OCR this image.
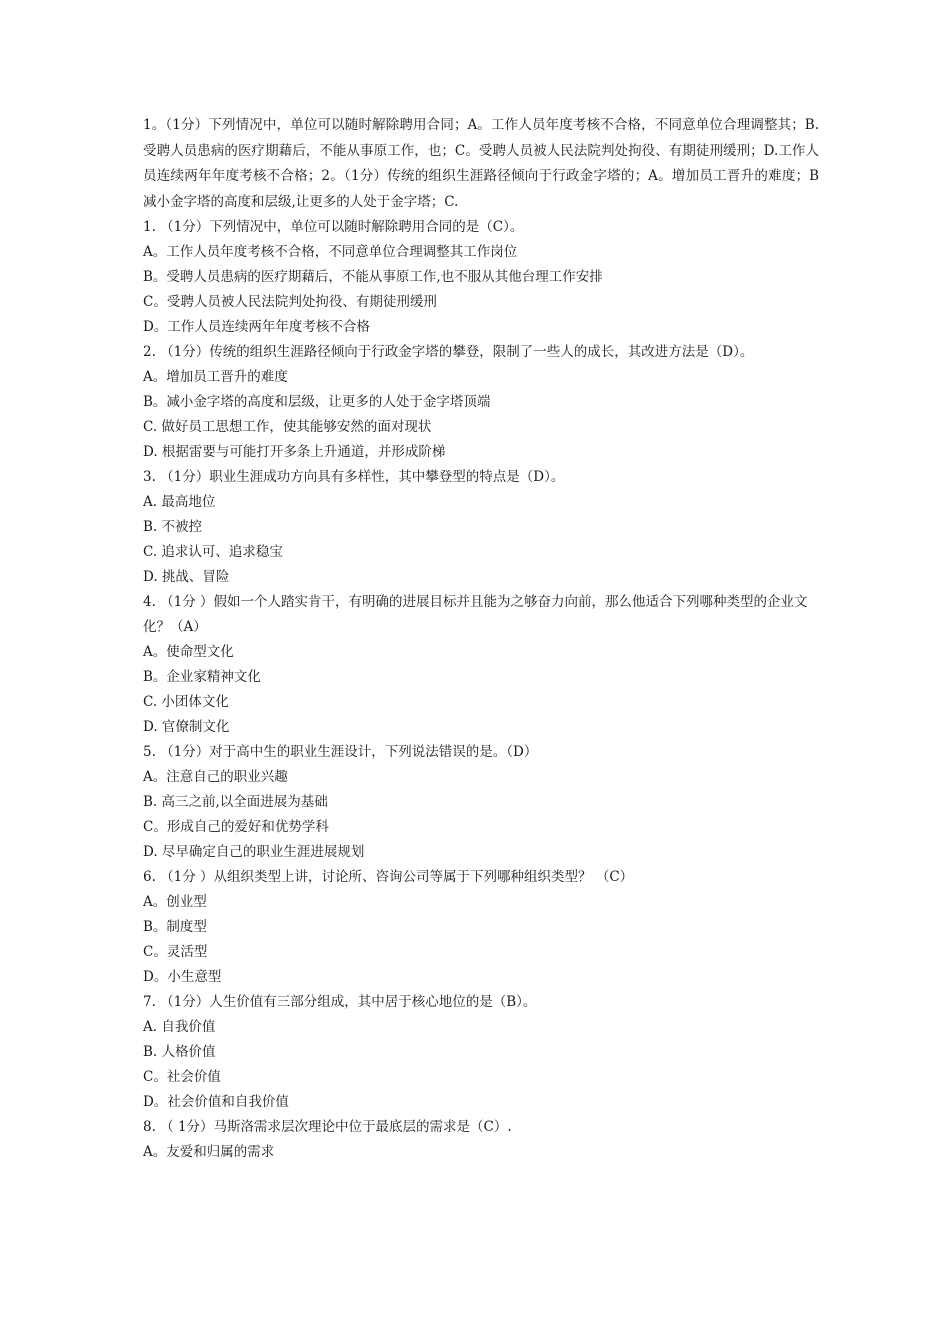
1。（1分）下列情况中，单位可以随时解除聘用合同；A。工作人员年度考核不合格，不同意单位合理调整其；B.受聘人员患病的医疗期藉后，不能从事原工作，也；C。受聘人员被人民法院判处拘役、有期徒刑缓刑；D.工作人员连续两年年度考核不合格；2。（1分）传统的组织生涯路径倾向于行政金字塔的；A。增加员工晋升的难度；B减小金字塔的高度和层级,让更多的人处于金字塔；C.

1. （1分）下列情况中，单位可以随时解除聘用合同的是（C）。

A。工作人员年度考核不合格，不同意单位合理调整其工作岗位

B。受聘人员患病的医疗期藉后，不能从事原工作,也不服从其他台理工作安排

C。受聘人员被人民法院判处拘役、有期徒刑缓刑

D。工作人员连续两年年度考核不合格

2. （1分）传统的组织生涯路径倾向于行政金字塔的攀登，限制了一些人的成长，其改进方法是（D）。

A。增加员工晋升的难度

B。减小金字塔的高度和层级，让更多的人处于金字塔顶端

C. 做好员工思想工作，使其能够安然的面对现状

D. 根据雷要与可能打开多条上升通道，并形成阶梯

3. （1分）职业生涯成功方向具有多样性，其中攀登型的特点是（D）。

A. 最高地位

B. 不被控

C. 追求认可、追求稳宝

D. 挑战、冒险

4. （1分 ）假如一个人踏实肯干，有明确的进展目标并且能为之够奋力向前，那么他适合下列哪种类型的企业文化？（A）

A。使命型文化

B。企业家精神文化

C. 小团体文化

D. 官僚制文化

5. （1分）对于高中生的职业生涯设计，下列说法错误的是。（D）

A。注意自己的职业兴趣

B. 高三之前,以全面进展为基础

C。形成自己的爱好和优势学科

D. 尽早确定自己的职业生涯进展规划

6. （1分 ）从组织类型上讲，讨论所、咨询公司等属于下列哪种组织类型？ （C）

A。创业型

B。制度型

C。灵活型

D。小生意型

7. （1分）人生价值有三部分组成，其中居于核心地位的是（B）。

A. 自我价值

B. 人格价值

C。社会价值

D。社会价值和自我价值

8. （ 1分）马斯洛需求层次理论中位于最底层的需求是（C）.

A。友爱和归属的需求
